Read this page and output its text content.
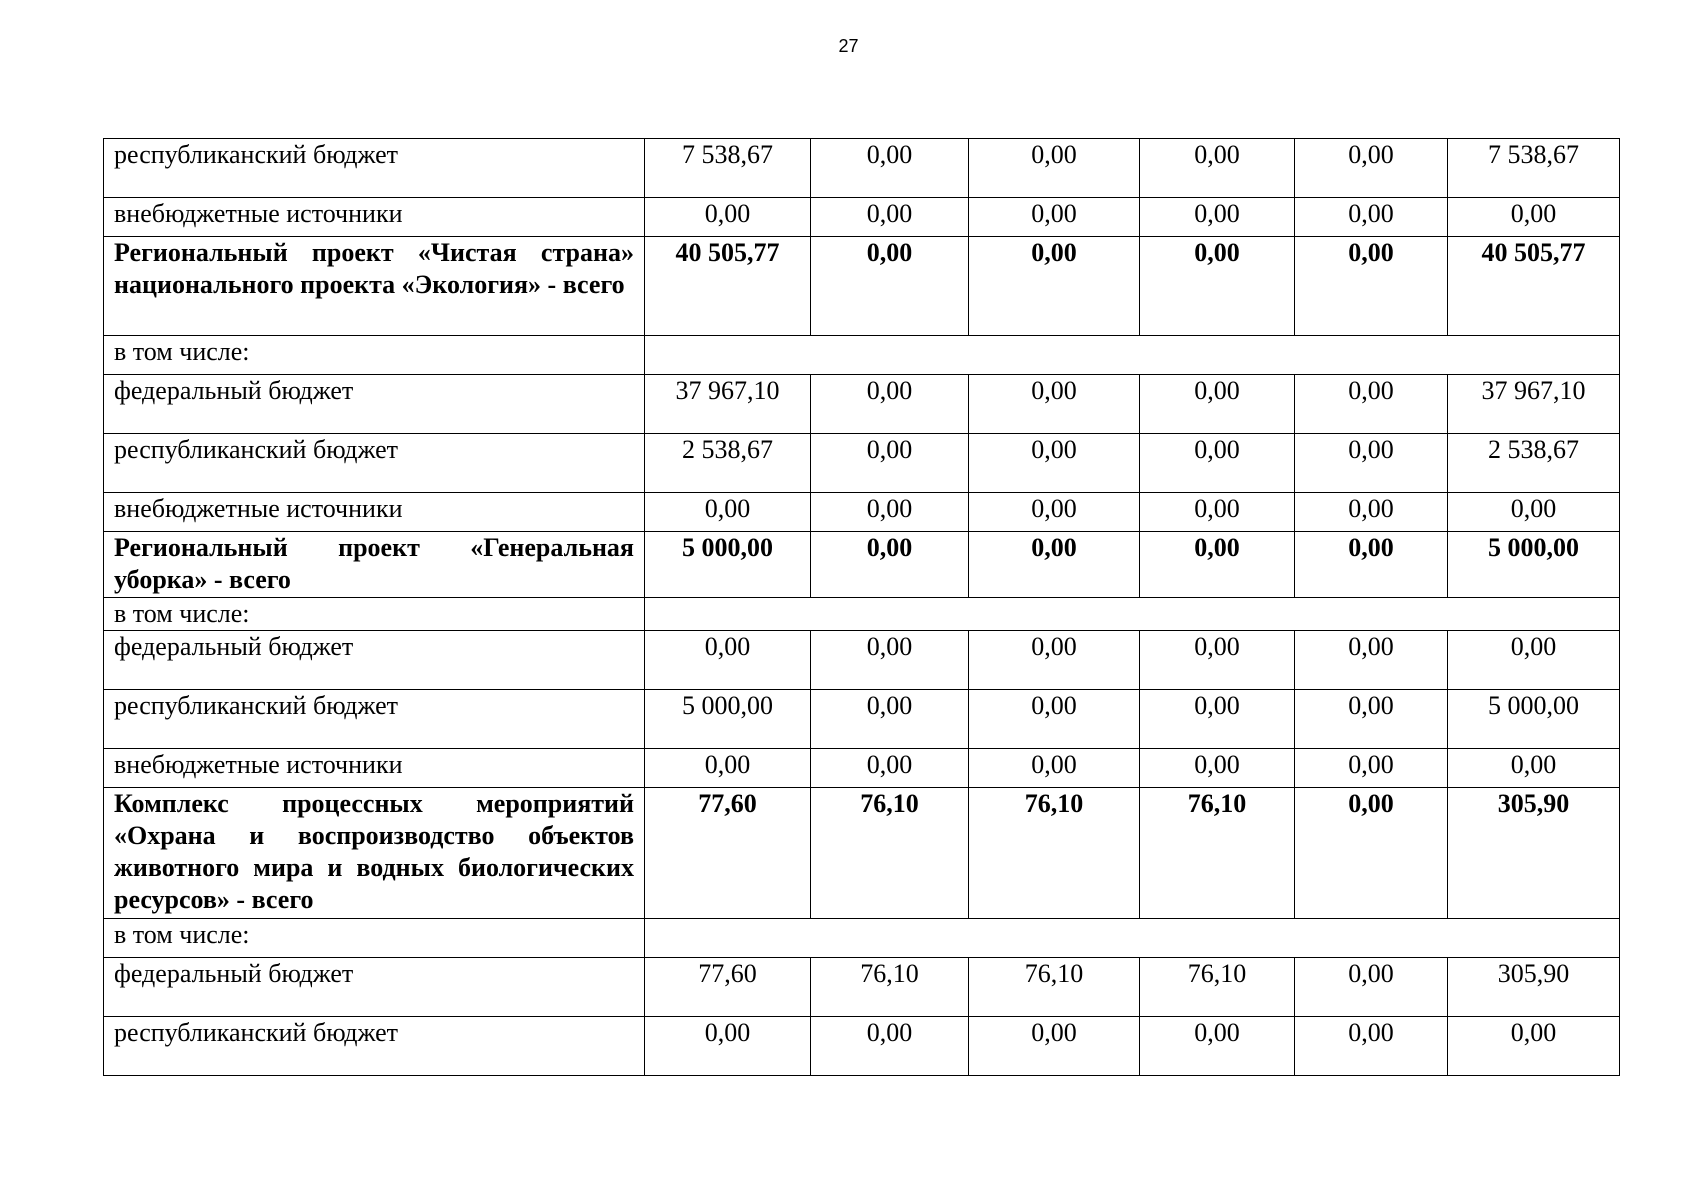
27
республиканский бюджет	7 538,67	0,00	0,00	0,00	0,00	7 538,67
внебюджетные источники	0,00	0,00	0,00	0,00	0,00	0,00
Региональный проект «Чистая страна» национального проекта «Экология» - всего	40 505,77	0,00	0,00	0,00	0,00	40 505,77
в том числе:						
федеральный бюджет	37 967,10	0,00	0,00	0,00	0,00	37 967,10
республиканский бюджет	2 538,67	0,00	0,00	0,00	0,00	2 538,67
внебюджетные источники	0,00	0,00	0,00	0,00	0,00	0,00
Региональный проект «Генеральная уборка» - всего	5 000,00	0,00	0,00	0,00	0,00	5 000,00
в том числе:						
федеральный бюджет	0,00	0,00	0,00	0,00	0,00	0,00
республиканский бюджет	5 000,00	0,00	0,00	0,00	0,00	5 000,00
внебюджетные источники	0,00	0,00	0,00	0,00	0,00	0,00
Комплекс процессных мероприятий «Охрана и воспроизводство объектов животного мира и водных биологических ресурсов» - всего	77,60	76,10	76,10	76,10	0,00	305,90
в том числе:						
федеральный бюджет	77,60	76,10	76,10	76,10	0,00	305,90
республиканский бюджет	0,00	0,00	0,00	0,00	0,00	0,00
